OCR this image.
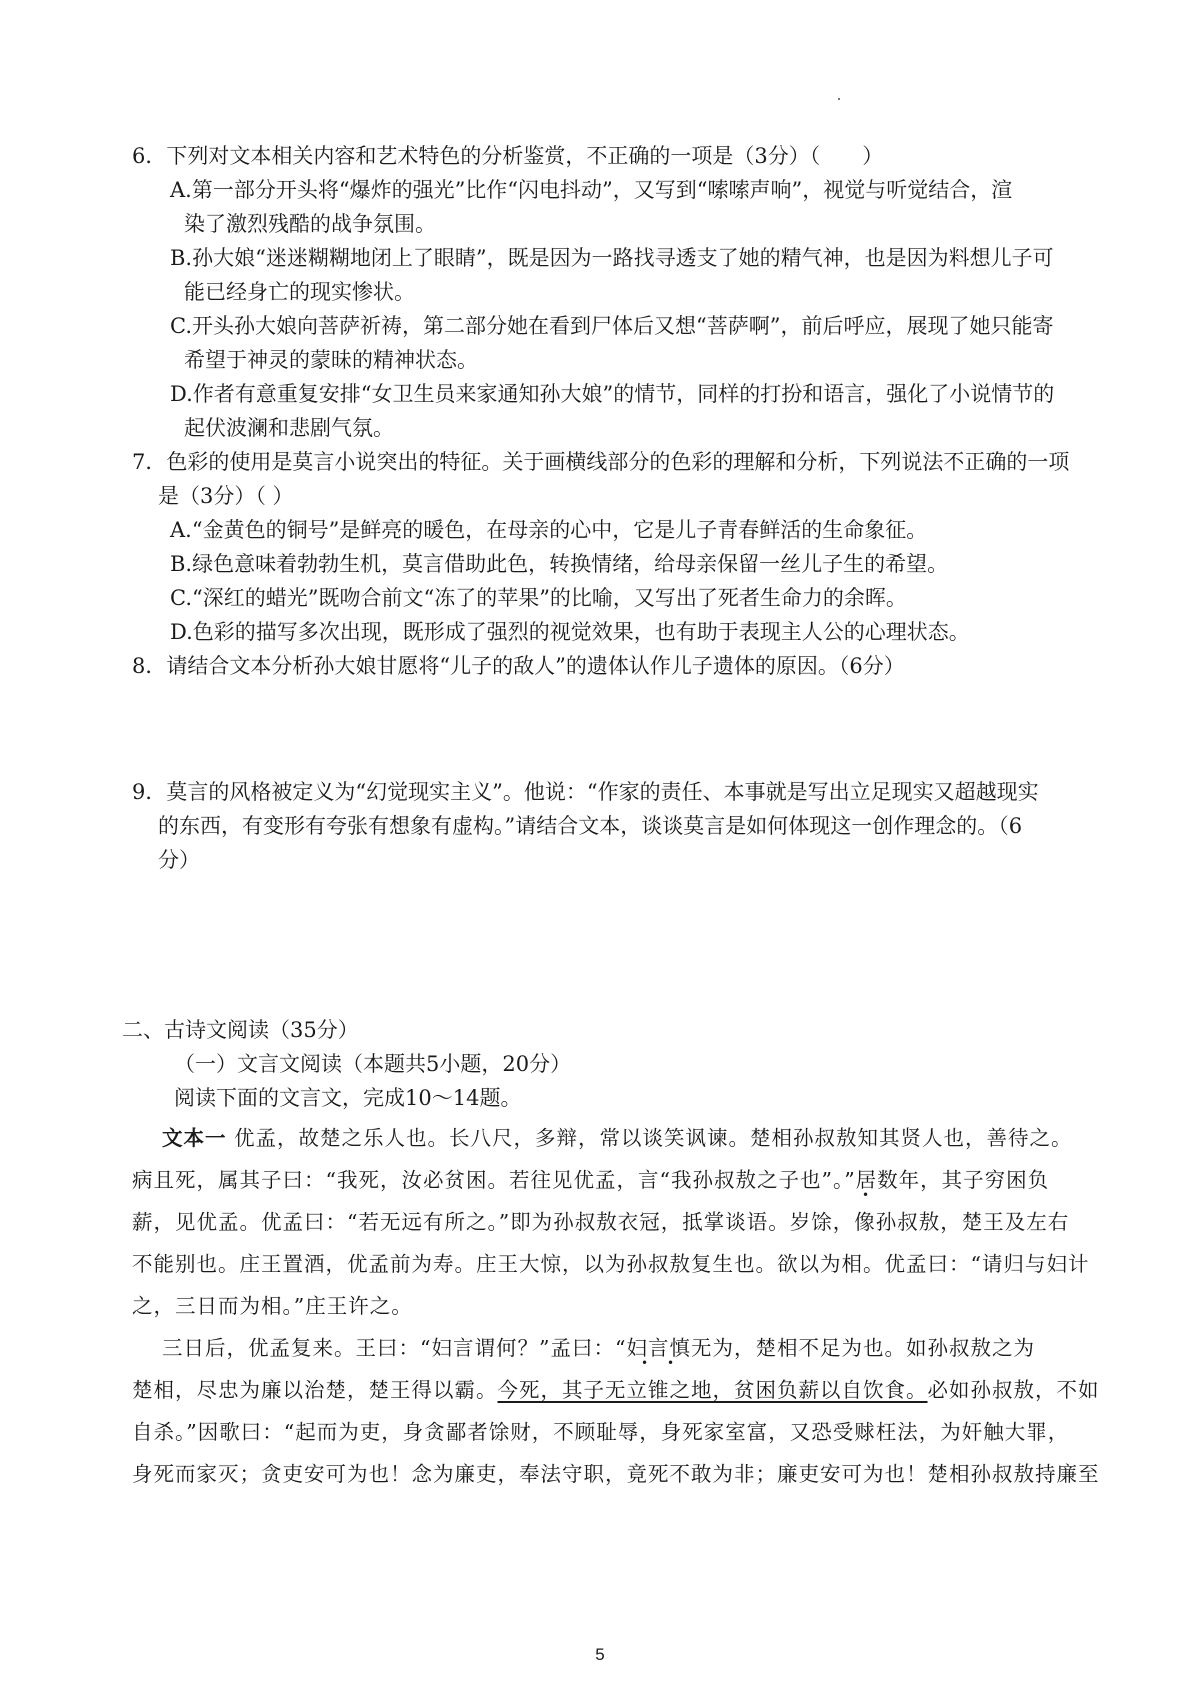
6．下列对文本相关内容和艺术特色的分析鉴赏，不正确的一项是（3分）（　　）
A.第一部分开头将“爆炸的强光”比作“闪电抖动”，又写到“嗦嗦声响”，视觉与听觉结合，渲
染了激烈残酷的战争氛围。
B.孙大娘“迷迷糊糊地闭上了眼睛”，既是因为一路找寻透支了她的精气神，也是因为料想儿子可
能已经身亡的现实惨状。
C.开头孙大娘向菩萨祈祷，第二部分她在看到尸体后又想“菩萨啊”，前后呼应，展现了她只能寄
希望于神灵的蒙昧的精神状态。
D.作者有意重复安排“女卫生员来家通知孙大娘”的情节，同样的打扮和语言，强化了小说情节的
起伏波澜和悲剧气氛。
7．色彩的使用是莫言小说突出的特征。关于画横线部分的色彩的理解和分析，下列说法不正确的一项
是（3分）（ ）
A.“金黄色的铜号”是鲜亮的暖色，在母亲的心中，它是儿子青春鲜活的生命象征。
B.绿色意味着勃勃生机，莫言借助此色，转换情绪，给母亲保留一丝儿子生的希望。
C.“深红的蜡光”既吻合前文“冻了的苹果”的比喻，又写出了死者生命力的余晖。
D.色彩的描写多次出现，既形成了强烈的视觉效果，也有助于表现主人公的心理状态。
8．请结合文本分析孙大娘甘愿将“儿子的敌人”的遗体认作儿子遗体的原因。（6分）
9．莫言的风格被定义为“幻觉现实主义”。他说：“作家的责任、本事就是写出立足现实又超越现实
的东西，有变形有夸张有想象有虚构。”请结合文本，谈谈莫言是如何体现这一创作理念的。（6
分）
二、古诗文阅读（35分）
（一）文言文阅读（本题共5小题，20分）
阅读下面的文言文，完成10～14题。
文本一 优孟，故楚之乐人也。长八尺，多辩，常以谈笑讽谏。楚相孙叔敖知其贤人也，善待之。
病且死，属其子曰：“我死，汝必贫困。若往见优孟，言“我孙叔敖之子也”。”居数年，其子穷困负
•
薪，见优孟。优孟曰：“若无远有所之。”即为孙叔敖衣冠，抵掌谈语。岁馀，像孙叔敖，楚王及左右
不能别也。庄王置酒，优孟前为寿。庄王大惊，以为孙叔敖复生也。欲以为相。优孟曰：“请归与妇计
之，三日而为相。”庄王许之。
三日后，优孟复来。王曰：“妇言谓何？”孟曰：“妇言慎无为，楚相不足为也。如孙叔敖之为
• •
楚相，尽忠为廉以治楚，楚王得以霸。今死，其子无立锥之地，贫困负薪以自饮食。必如孙叔敖，不如
自杀。”因歌曰：“起而为吏，身贪鄙者馀财，不顾耻辱，身死家室富，又恐受赇枉法，为奸触大罪，
身死而家灭；贪吏安可为也！念为廉吏，奉法守职，竟死不敢为非；廉吏安可为也！楚相孙叔敖持廉至
5
